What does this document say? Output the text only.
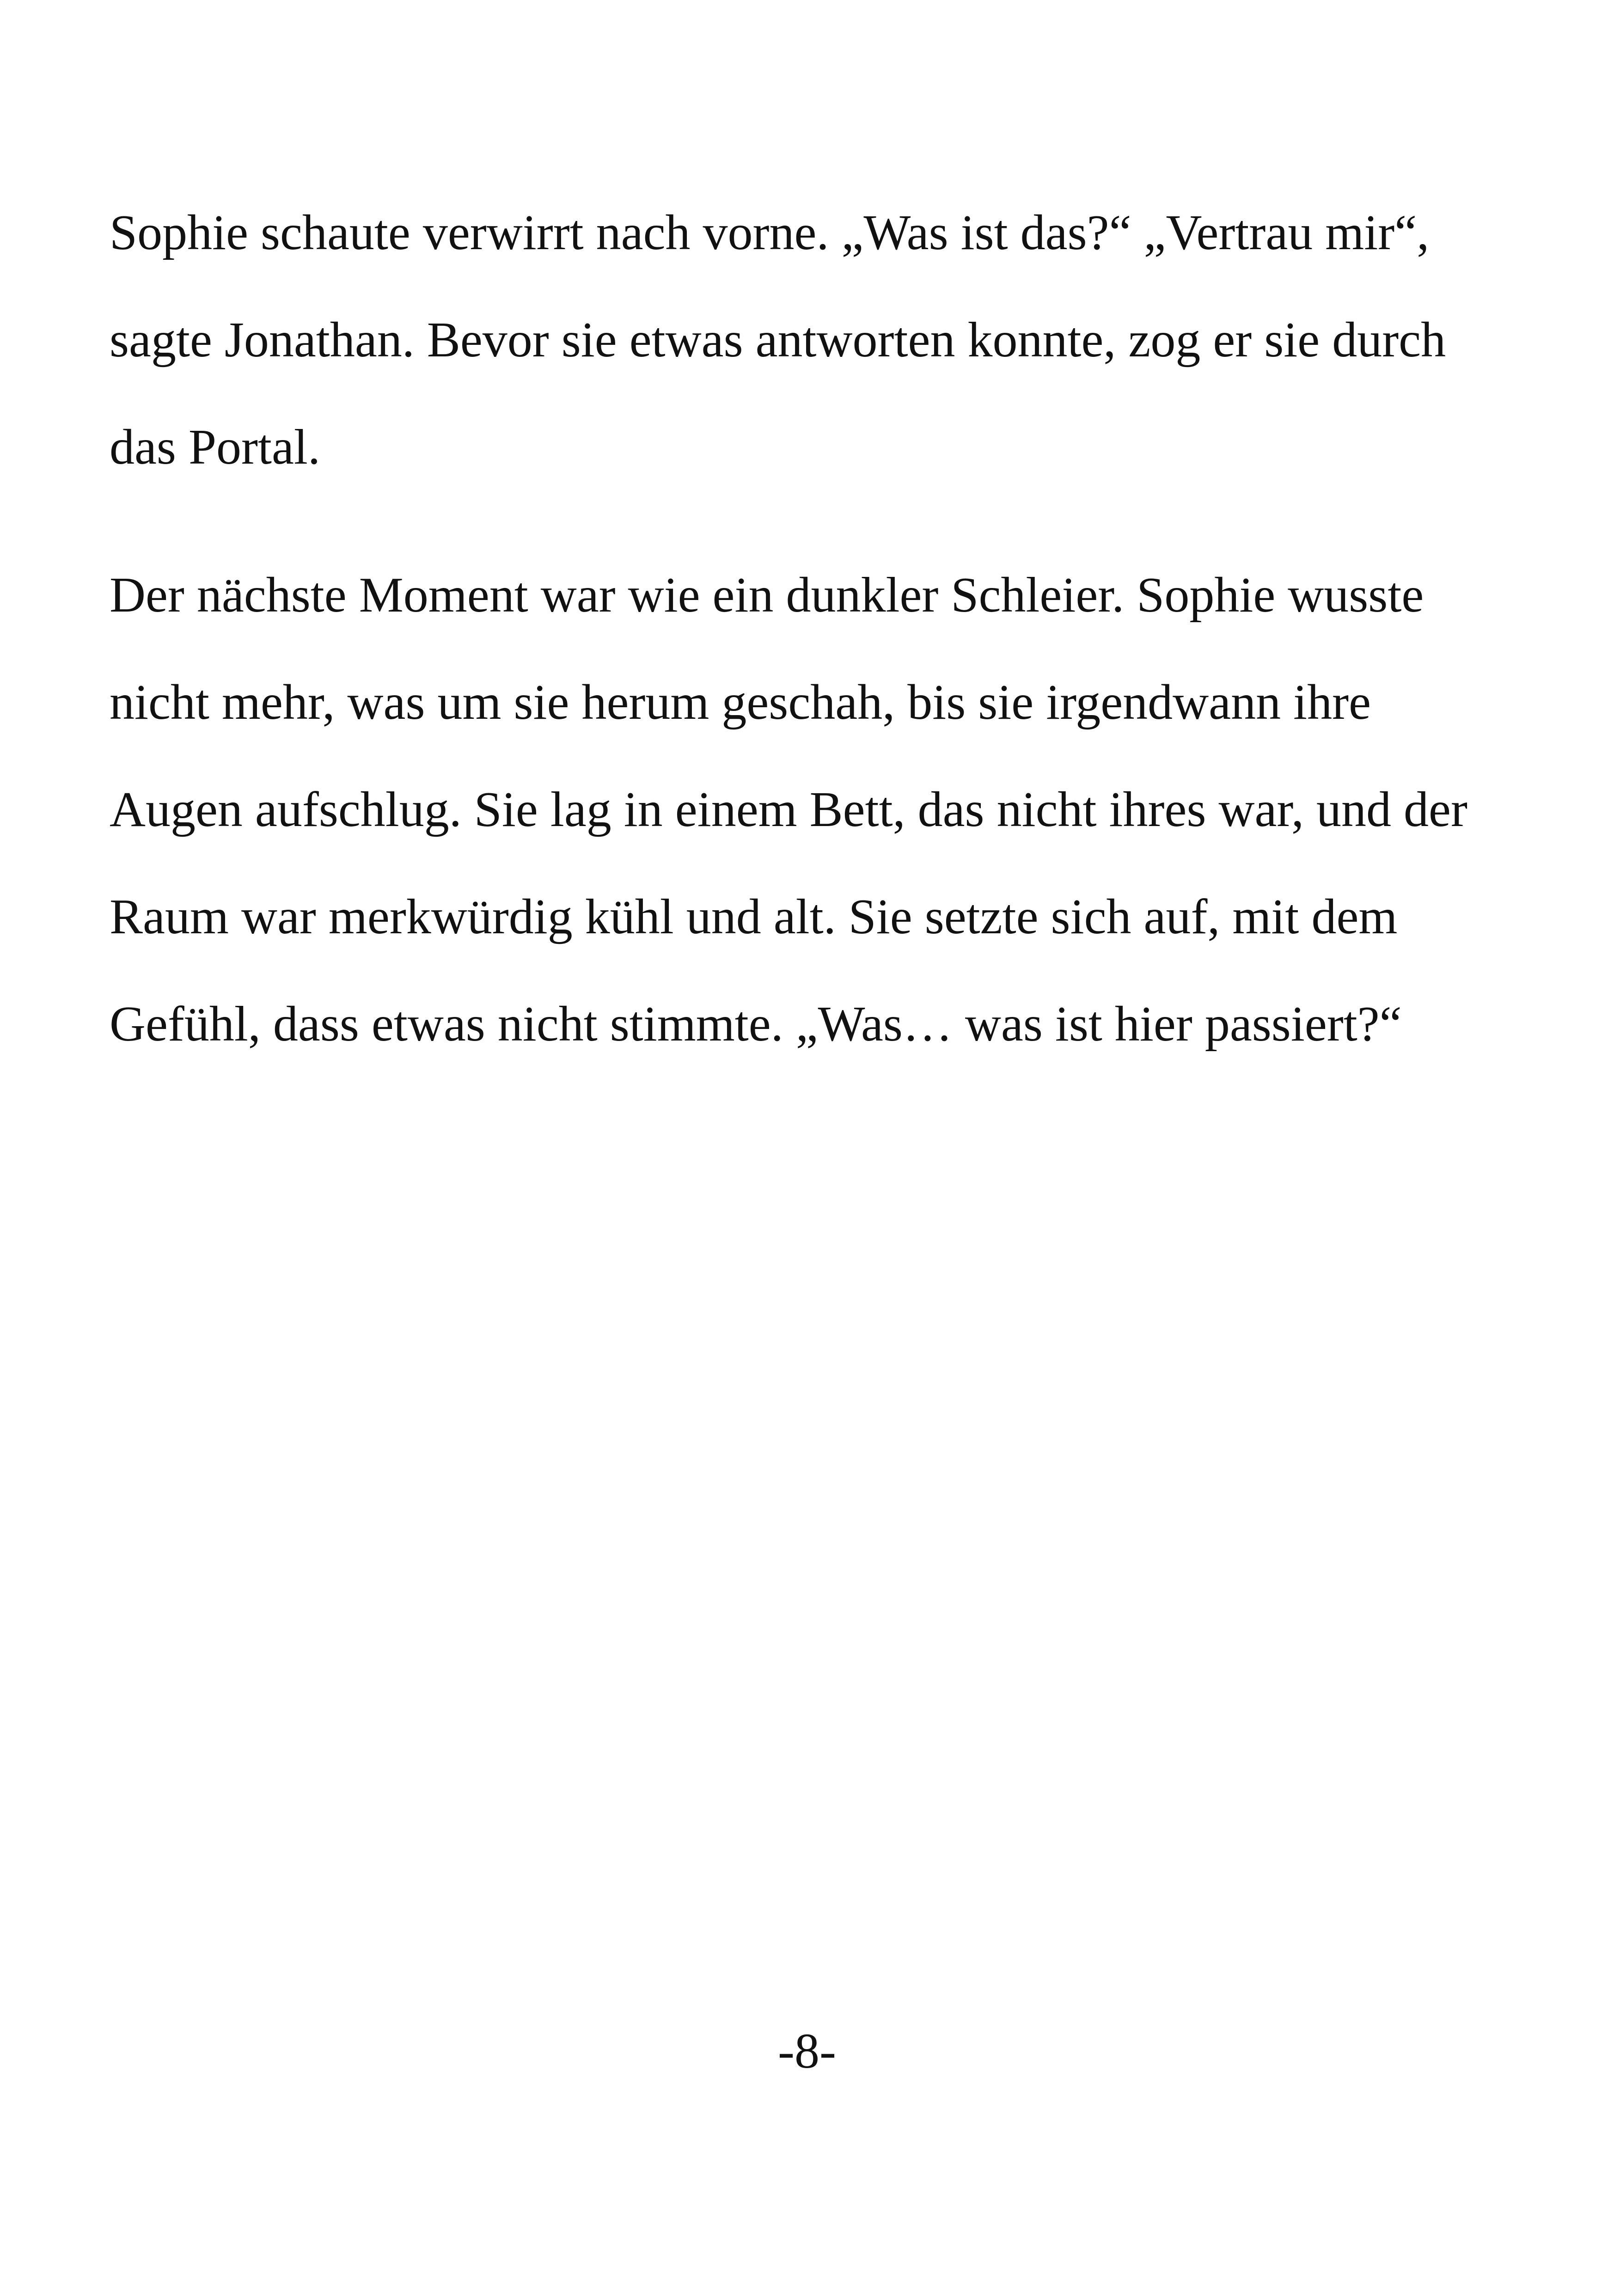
Sophie schaute verwirrt nach vorne. „Was ist das?“ „Vertrau mir“,
sagte Jonathan. Bevor sie etwas antworten konnte, zog er sie durch
das Portal.

Der nächste Moment war wie ein dunkler Schleier. Sophie wusste
nicht mehr, was um sie herum geschah, bis sie irgendwann ihre
Augen aufschlug. Sie lag in einem Bett, das nicht ihres war, und der
Raum war merkwürdig kühl und alt. Sie setzte sich auf, mit dem
Gefühl, dass etwas nicht stimmte. „Was… was ist hier passiert?“

-8-
